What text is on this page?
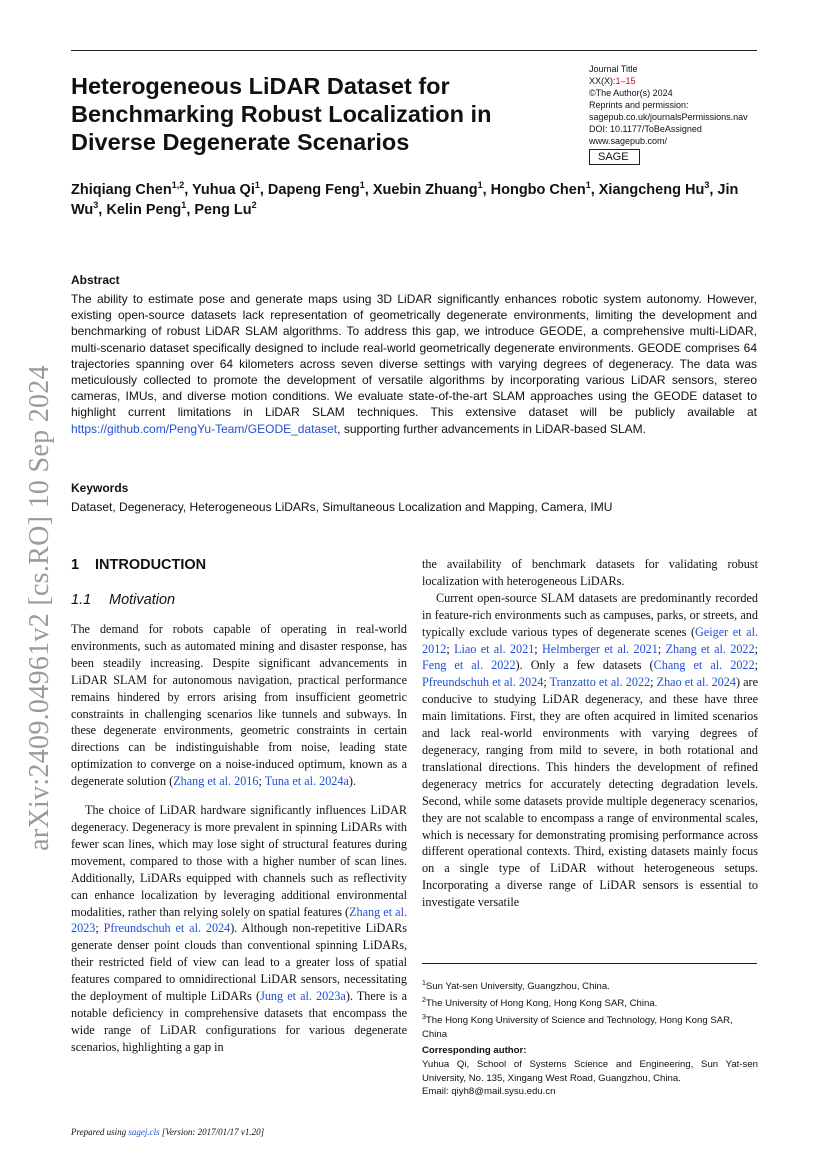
Heterogeneous LiDAR Dataset for Benchmarking Robust Localization in Diverse Degenerate Scenarios
Journal Title
XX(X):1–15
©The Author(s) 2024
Reprints and permission:
sagepub.co.uk/journalsPermissions.nav
DOI: 10.1177/ToBeAssigned
www.sagepub.com/
SAGE
Zhiqiang Chen$^{1,2}$, Yuhua Qi$^1$, Dapeng Feng$^1$, Xuebin Zhuang$^1$, Hongbo Chen$^1$, Xiangcheng Hu$^3$, Jin Wu$^3$, Kelin Peng$^1$, Peng Lu$^2$
Abstract
The ability to estimate pose and generate maps using 3D LiDAR significantly enhances robotic system autonomy. However, existing open-source datasets lack representation of geometrically degenerate environments, limiting the development and benchmarking of robust LiDAR SLAM algorithms. To address this gap, we introduce GEODE, a comprehensive multi-LiDAR, multi-scenario dataset specifically designed to include real-world geometrically degenerate environments. GEODE comprises 64 trajectories spanning over 64 kilometers across seven diverse settings with varying degrees of degeneracy. The data was meticulously collected to promote the development of versatile algorithms by incorporating various LiDAR sensors, stereo cameras, IMUs, and diverse motion conditions. We evaluate state-of-the-art SLAM approaches using the GEODE dataset to highlight current limitations in LiDAR SLAM techniques. This extensive dataset will be publicly available at https://github.com/PengYu-Team/GEODE_dataset, supporting further advancements in LiDAR-based SLAM.
Keywords
Dataset, Degeneracy, Heterogeneous LiDARs, Simultaneous Localization and Mapping, Camera, IMU
1 INTRODUCTION
1.1 Motivation

The demand for robots capable of operating in real-world environments, such as automated mining and disaster response, has been steadily increasing. Despite significant advancements in LiDAR SLAM for autonomous navigation, practical performance remains hindered by errors arising from insufficient geometric constraints in challenging scenarios like tunnels and subways. In these degenerate environments, geometric constraints in certain directions can be indistinguishable from noise, leading state optimization to converge on a noise-induced optimum, known as a degenerate solution (Zhang et al. 2016; Tuna et al. 2024a).

The choice of LiDAR hardware significantly influences LiDAR degeneracy. Degeneracy is more prevalent in spinning LiDARs with fewer scan lines, which may lose sight of structural features during movement, compared to those with a higher number of scan lines. Additionally, LiDARs equipped with channels such as reflectivity can enhance localization by leveraging additional environmental modalities, rather than relying solely on spatial features (Zhang et al. 2023; Pfreundschuh et al. 2024). Although non-repetitive LiDARs generate denser point clouds than conventional spinning LiDARs, their restricted field of view can lead to a greater loss of spatial features compared to omnidirectional LiDAR sensors, necessitating the deployment of multiple LiDARs (Jung et al. 2023a). There is a notable deficiency in comprehensive datasets that encompass the wide range of LiDAR configurations for various degenerate scenarios, highlighting a gap in

the availability of benchmark datasets for validating robust localization with heterogeneous LiDARs.

Current open-source SLAM datasets are predominantly recorded in feature-rich environments such as campuses, parks, or streets, and typically exclude various types of degenerate scenes (Geiger et al. 2012; Liao et al. 2021; Helmberger et al. 2021; Zhang et al. 2022; Feng et al. 2022). Only a few datasets (Chang et al. 2022; Pfreundschuh et al. 2024; Tranzatto et al. 2022; Zhao et al. 2024) are conducive to studying LiDAR degeneracy, and these have three main limitations. First, they are often acquired in limited scenarios and lack real-world environments with varying degrees of degeneracy, ranging from mild to severe, in both rotational and translational directions. This hinders the development of refined degeneracy metrics for accurately detecting degradation levels. Second, while some datasets provide multiple degeneracy scenarios, they are not scalable to encompass a range of environmental scales, which is necessary for demonstrating promising performance across different operational contexts. Third, existing datasets mainly focus on a single type of LiDAR without heterogeneous setups. Incorporating a diverse range of LiDAR sensors is essential to investigate versatile

$^1$Sun Yat-sen University, Guangzhou, China.
$^2$The University of Hong Kong, Hong Kong SAR, China.
$^3$The Hong Kong University of Science and Technology, Hong Kong SAR, China
Corresponding author:
Yuhua Qi, School of Systems Science and Engineering, Sun Yat-sen University, No. 135, Xingang West Road, Guangzhou, China.
Email: qiyh8@mail.sysu.edu.cn
Prepared using sagej.cls [Version: 2017/01/17 v1.20]
arXiv:2409.04961v2 [cs.RO] 10 Sep 2024
